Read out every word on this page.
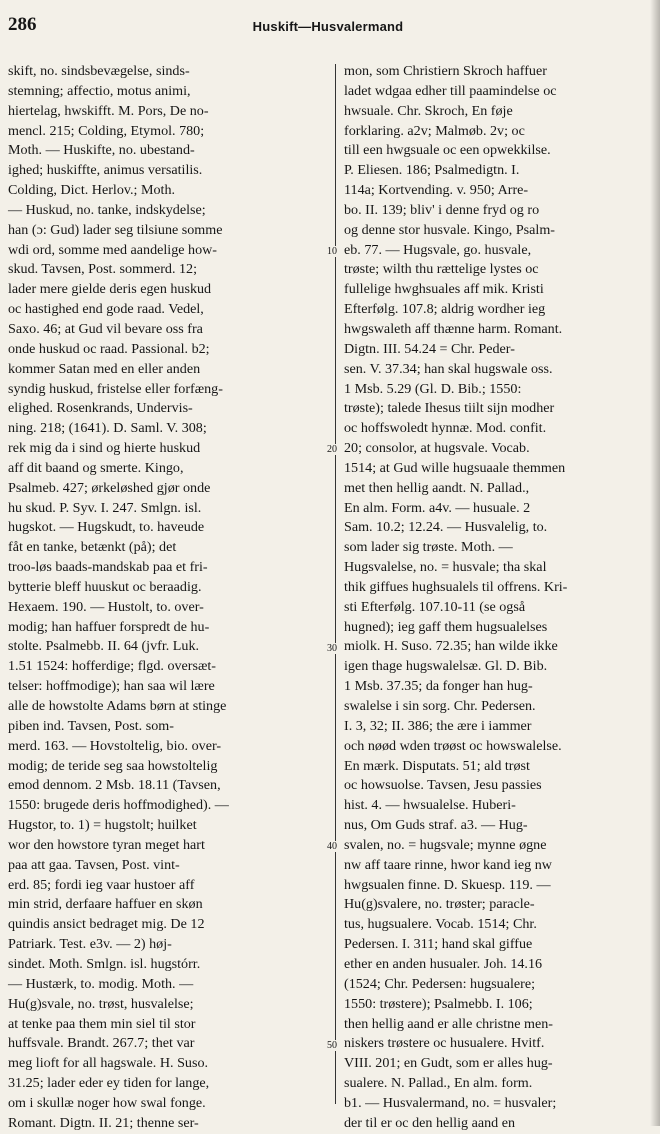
286	Huskift—Husvalermand
skift, no. sindsbevægelse, sinds-
stemning; affectio, motus animi,
hiertelag, hwskifft. M. Pors, De no-
mencl. 215; Colding, Etymol. 780;
Moth. — Huskifte, no. ubestand-
ighed; huskiffte, animus versatilis.
Colding, Dict. Herlov.; Moth.
— Huskud, no. tanke, indskydelse;
han (ɔ: Gud) lader seg tilsiune somme
wdi ord, somme med aandelige how-
skud. Tavsen, Post. sommerd. 12;
lader mere gielde deris egen huskud
oc hastighed end gode raad. Vedel,
Saxo. 46; at Gud vil bevare oss fra
onde huskud oc raad. Passional. b2;
kommer Satan med en eller anden
syndig huskud, fristelse eller forfæng-
elighed. Rosenkrands, Undervis-
ning. 218; (1641). D. Saml. V. 308;
rek mig da i sind og hierte huskud
aff dit baand og smerte. Kingo,
Psalmeb. 427; ørkeløshed gjør onde
hu skud. P. Syv. I. 247. Smlgn. isl.
hugskot. — Hugskudt, to. haveude
fåt en tanke, betænkt (på); det
troo-løs baads-mandskab paa et fri-
bytterie bleff huuskut oc beraadig.
Hexaem. 190. — Hustolt, to. over-
modig; han haffuer forspredt de hu-
stolte. Psalmebb. II. 64 (jvfr. Luk.
1.51 1524: hofferdige; flgd. oversæt-
telser: hoffmodige); han saa wil lære
alle de howstolte Adams børn at stinge
piben ind. Tavsen, Post. som-
merd. 163. — Hovstoltelig, bio. over-
modig; de teride seg saa howstoltelig
emod dennom. 2 Msb. 18.11 (Tavsen,
1550: brugede deris hoffmodighed). —
Hugstor, to. 1) = hugstolt; huilket
wor den howstore tyran meget hart
paa att gaa. Tavsen, Post. vint-
erd. 85; fordi ieg vaar hustoer aff
min strid, derfaare haffuer en skøn
quindis ansict bedraget mig. De 12
Patriark. Test. e3v. — 2) høj-
sindet. Moth. Smlgn. isl. hugstórr.
— Hustærk, to. modig. Moth. —
Hu(g)svale, no. trøst, husvalelse;
at tenke paa them min siel til stor
huffsvale. Brandt. 267.7; thet var
meg lioft for all hagswale. H. Suso.
31.25; lader eder ey tiden for lange,
om i skullæ noger how swal fonge.
Romant. Digtn. II. 21; thenne ser-
10
20
30
40
50
mon, som Christiern Skroch haffuer
ladet wdgaa edher till paamindelse oc
hwsuale. Chr. Skroch, En føje
forklaring. a2v; Malmøb. 2v; oc
till een hwgsuale oc een opwekkilse.
P. Eliesen. 186; Psalmedigtn. I.
114a; Kortvending. v. 950; Arre-
bo. II. 139; bliv' i denne fryd og ro
og denne stor husvale. Kingo, Psalm-
eb. 77. — Hugsvale, go. husvale,
trøste; wilth thu rættelige lystes oc
fullelige hwghsuales aff mik. Kristi
Efterfølg. 107.8; aldrig wordher ieg
hwgswaleth aff thænne harm. Romant.
Digtn. III. 54.24 = Chr. Peder-
sen. V. 37.34; han skal hugswale oss.
1 Msb. 5.29 (Gl. D. Bib.; 1550:
trøste); talede Ihesus tiilt sijn modher
oc hoffswoledt hynnæ. Mod. confit.
20; consolor, at hugsvale. Vocab.
1514; at Gud wille hugsuaale themmen
met then hellig aandt. N. Pallad.,
En alm. Form. a4v. — husuale. 2
Sam. 10.2; 12.24. — Husvalelig, to.
som lader sig trøste. Moth. —
Hugsvalelse, no. = husvale; tha skal
thik giffues hughsualels til offrens. Kri-
sti Efterfølg. 107.10-11 (se også
hugned); ieg gaff them hugsualelses
miolk. H. Suso. 72.35; han wilde ikke
igen thage hugswalelsæ. Gl. D. Bib.
1 Msb. 37.35; da fonger han hug-
swalelse i sin sorg. Chr. Pedersen.
I. 3, 32; II. 386; the ære i iammer
och nøød wden trøøst oc howswalelse.
En mærk. Disputats. 51; ald trøst
oc howsuolse. Tavsen, Jesu passies
hist. 4. — hwsualelse. Huberi-
nus, Om Guds straf. a3. — Hug-
svalen, no. = hugsvale; mynne øgne
nw aff taare rinne, hwor kand ieg nw
hwgsualen finne. D. Skuesp. 119. —
Hu(g)svalere, no. trøster; paracle-
tus, hugsualere. Vocab. 1514; Chr.
Pedersen. I. 311; hand skal giffue
ether en anden husualer. Joh. 14.16
(1524; Chr. Pedersen: hugsualere;
1550: trøstere); Psalmebb. I. 106;
then hellig aand er alle christne men-
niskers trøstere oc husualere. Hvitf.
VIII. 201; en Gudt, som er alles hug-
sualere. N. Pallad., En alm. form.
b1. — Husvalermand, no. = husvaler;
der til er oc den hellig aand en
